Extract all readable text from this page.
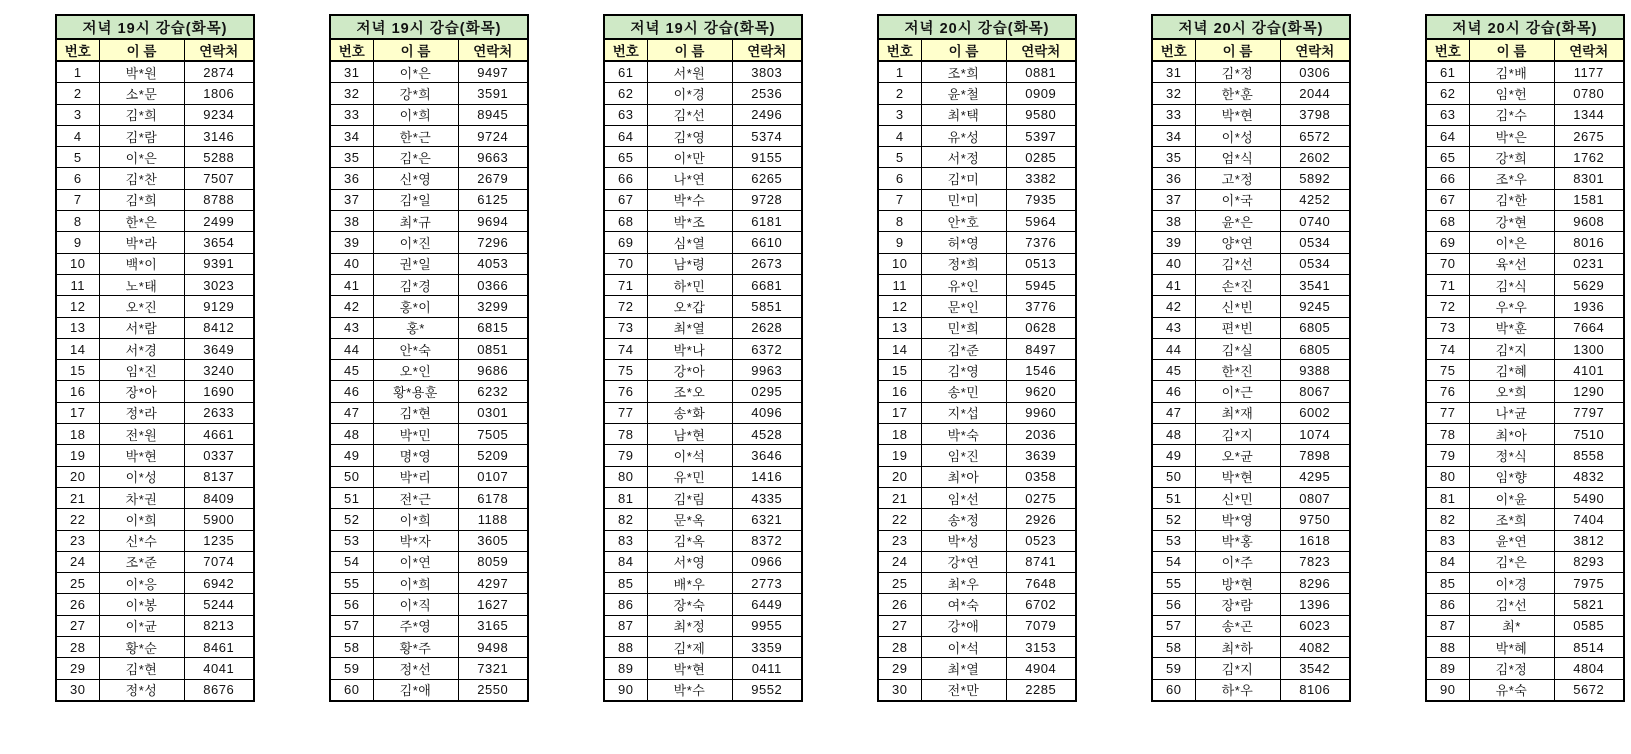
저녁 19시 강습(화목)		
번호	이 름	연락처
1	박*원	2874
2	소*문	1806
3	김*희	9234
4	김*람	3146
5	이*은	5288
6	김*찬	7507
7	김*희	8788
8	한*은	2499
9	박*라	3654
10	백*이	9391
11	노*태	3023
12	오*진	9129
13	서*람	8412
14	서*경	3649
15	임*진	3240
16	장*아	1690
17	정*라	2633
18	전*원	4661
19	박*현	0337
20	이*성	8137
21	차*권	8409
22	이*희	5900
23	신*수	1235
24	조*준	7074
25	이*응	6942
26	이*봉	5244
27	이*균	8213
28	황*순	8461
29	김*현	4041
30	정*성	8676
저녁 19시 강습(화목)		
번호	이 름	연락처
31	이*은	9497
32	강*희	3591
33	이*희	8945
34	한*근	9724
35	김*은	9663
36	신*영	2679
37	김*일	6125
38	최*규	9694
39	이*진	7296
40	권*일	4053
41	김*경	0366
42	홍*이	3299
43	홍*	6815
44	안*숙	0851
45	오*인	9686
46	황*용훈	6232
47	김*현	0301
48	박*민	7505
49	명*영	5209
50	박*리	0107
51	전*근	6178
52	이*희	1188
53	박*자	3605
54	이*연	8059
55	이*희	4297
56	이*직	1627
57	주*영	3165
58	황*주	9498
59	정*선	7321
60	김*애	2550
저녁 19시 강습(화목)		
번호	이 름	연락처
61	서*원	3803
62	이*경	2536
63	김*선	2496
64	김*영	5374
65	이*만	9155
66	나*연	6265
67	박*수	9728
68	박*조	6181
69	심*열	6610
70	남*령	2673
71	하*민	6681
72	오*갑	5851
73	최*열	2628
74	박*나	6372
75	강*아	9963
76	조*오	0295
77	송*화	4096
78	남*현	4528
79	이*석	3646
80	유*민	1416
81	김*림	4335
82	문*옥	6321
83	김*옥	8372
84	서*영	0966
85	배*우	2773
86	장*숙	6449
87	최*정	9955
88	김*제	3359
89	박*현	0411
90	박*수	9552
저녁 20시 강습(화목)		
번호	이 름	연락처
1	조*희	0881
2	윤*철	0909
3	최*택	9580
4	유*성	5397
5	서*정	0285
6	김*미	3382
7	민*미	7935
8	안*호	5964
9	허*영	7376
10	정*희	0513
11	유*인	5945
12	문*인	3776
13	민*희	0628
14	김*준	8497
15	김*영	1546
16	송*민	9620
17	지*섭	9960
18	박*숙	2036
19	임*진	3639
20	최*아	0358
21	임*선	0275
22	송*정	2926
23	박*성	0523
24	강*연	8741
25	최*우	7648
26	여*숙	6702
27	강*애	7079
28	이*석	3153
29	최*열	4904
30	전*만	2285
저녁 20시 강습(화목)		
번호	이 름	연락처
31	김*정	0306
32	한*훈	2044
33	박*현	3798
34	이*성	6572
35	엄*식	2602
36	고*정	5892
37	이*국	4252
38	윤*은	0740
39	양*연	0534
40	김*선	0534
41	손*진	3541
42	신*빈	9245
43	편*빈	6805
44	김*실	6805
45	한*진	9388
46	이*근	8067
47	최*재	6002
48	김*지	1074
49	오*균	7898
50	박*현	4295
51	신*민	0807
52	박*영	9750
53	박*홍	1618
54	이*주	7823
55	방*현	8296
56	장*람	1396
57	송*곤	6023
58	최*하	4082
59	김*지	3542
60	하*우	8106
저녁 20시 강습(화목)		
번호	이 름	연락처
61	김*배	1177
62	임*헌	0780
63	김*수	1344
64	박*은	2675
65	강*희	1762
66	조*우	8301
67	김*한	1581
68	강*현	9608
69	이*은	8016
70	육*선	0231
71	김*식	5629
72	우*우	1936
73	박*훈	7664
74	김*지	1300
75	김*혜	4101
76	오*희	1290
77	나*균	7797
78	최*아	7510
79	정*식	8558
80	임*향	4832
81	이*윤	5490
82	조*희	7404
83	윤*연	3812
84	김*은	8293
85	이*경	7975
86	김*선	5821
87	최*	0585
88	박*혜	8514
89	김*정	4804
90	유*숙	5672
